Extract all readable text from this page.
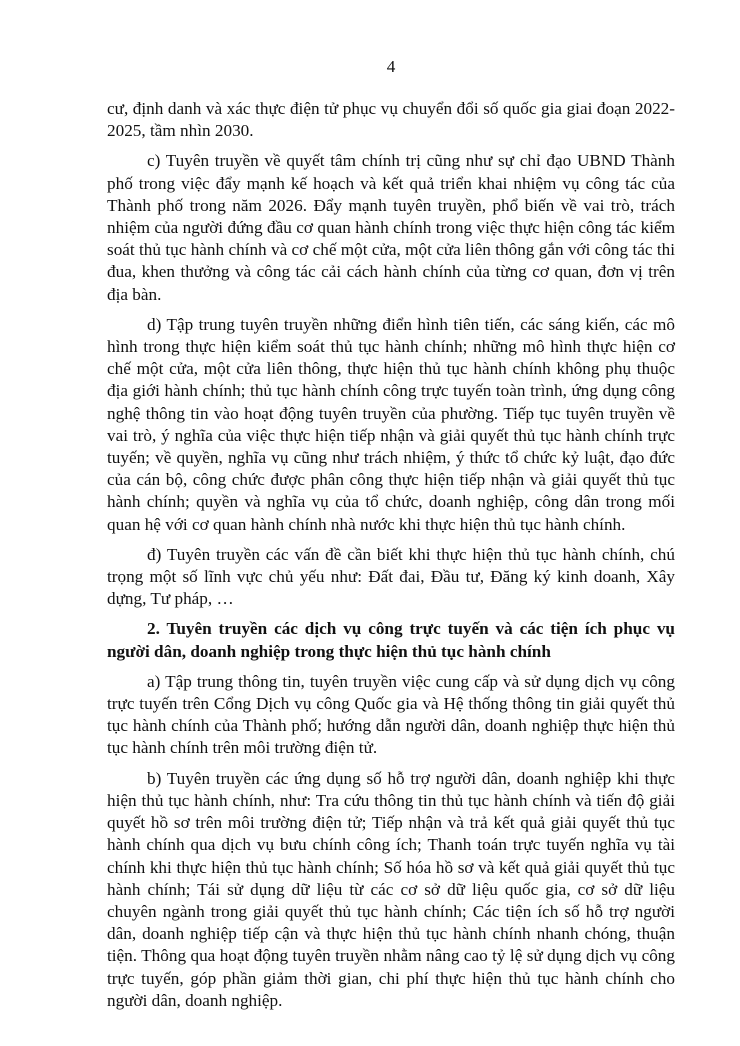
4

cư, định danh và xác thực điện tử phục vụ chuyển đổi số quốc gia giai đoạn 2022-2025, tầm nhìn 2030.

c) Tuyên truyền về quyết tâm chính trị cũng như sự chỉ đạo UBND Thành phố trong việc đẩy mạnh kế hoạch và kết quả triển khai nhiệm vụ công tác của Thành phố trong năm 2026. Đẩy mạnh tuyên truyền, phổ biến về vai trò, trách nhiệm của người đứng đầu cơ quan hành chính trong việc thực hiện công tác kiểm soát thủ tục hành chính và cơ chế một cửa, một cửa liên thông gắn với công tác thi đua, khen thưởng và công tác cải cách hành chính của từng cơ quan, đơn vị trên địa bàn.

d) Tập trung tuyên truyền những điển hình tiên tiến, các sáng kiến, các mô hình trong thực hiện kiểm soát thủ tục hành chính; những mô hình thực hiện cơ chế một cửa, một cửa liên thông, thực hiện thủ tục hành chính không phụ thuộc địa giới hành chính; thủ tục hành chính công trực tuyến toàn trình, ứng dụng công nghệ thông tin vào hoạt động tuyên truyền của phường. Tiếp tục tuyên truyền về vai trò, ý nghĩa của việc thực hiện tiếp nhận và giải quyết thủ tục hành chính trực tuyến; về quyền, nghĩa vụ cũng như trách nhiệm, ý thức tổ chức kỷ luật, đạo đức của cán bộ, công chức được phân công thực hiện tiếp nhận và giải quyết thủ tục hành chính; quyền và nghĩa vụ của tổ chức, doanh nghiệp, công dân trong mối quan hệ với cơ quan hành chính nhà nước khi thực hiện thủ tục hành chính.

đ) Tuyên truyền các vấn đề cần biết khi thực hiện thủ tục hành chính, chú trọng một số lĩnh vực chủ yếu như: Đất đai, Đầu tư, Đăng ký kinh doanh, Xây dựng, Tư pháp, …

2. Tuyên truyền các dịch vụ công trực tuyến và các tiện ích phục vụ người dân, doanh nghiệp trong thực hiện thủ tục hành chính

a) Tập trung thông tin, tuyên truyền việc cung cấp và sử dụng dịch vụ công trực tuyến trên Cổng Dịch vụ công Quốc gia và Hệ thống thông tin giải quyết thủ tục hành chính của Thành phố; hướng dẫn người dân, doanh nghiệp thực hiện thủ tục hành chính trên môi trường điện tử.

b) Tuyên truyền các ứng dụng số hỗ trợ người dân, doanh nghiệp khi thực hiện thủ tục hành chính, như: Tra cứu thông tin thủ tục hành chính và tiến độ giải quyết hồ sơ trên môi trường điện tử; Tiếp nhận và trả kết quả giải quyết thủ tục hành chính qua dịch vụ bưu chính công ích; Thanh toán trực tuyến nghĩa vụ tài chính khi thực hiện thủ tục hành chính; Số hóa hồ sơ và kết quả giải quyết thủ tục hành chính; Tái sử dụng dữ liệu từ các cơ sở dữ liệu quốc gia, cơ sở dữ liệu chuyên ngành trong giải quyết thủ tục hành chính; Các tiện ích số hỗ trợ người dân, doanh nghiệp tiếp cận và thực hiện thủ tục hành chính nhanh chóng, thuận tiện. Thông qua hoạt động tuyên truyền nhằm nâng cao tỷ lệ sử dụng dịch vụ công trực tuyến, góp phần giảm thời gian, chi phí thực hiện thủ tục hành chính cho người dân, doanh nghiệp.
